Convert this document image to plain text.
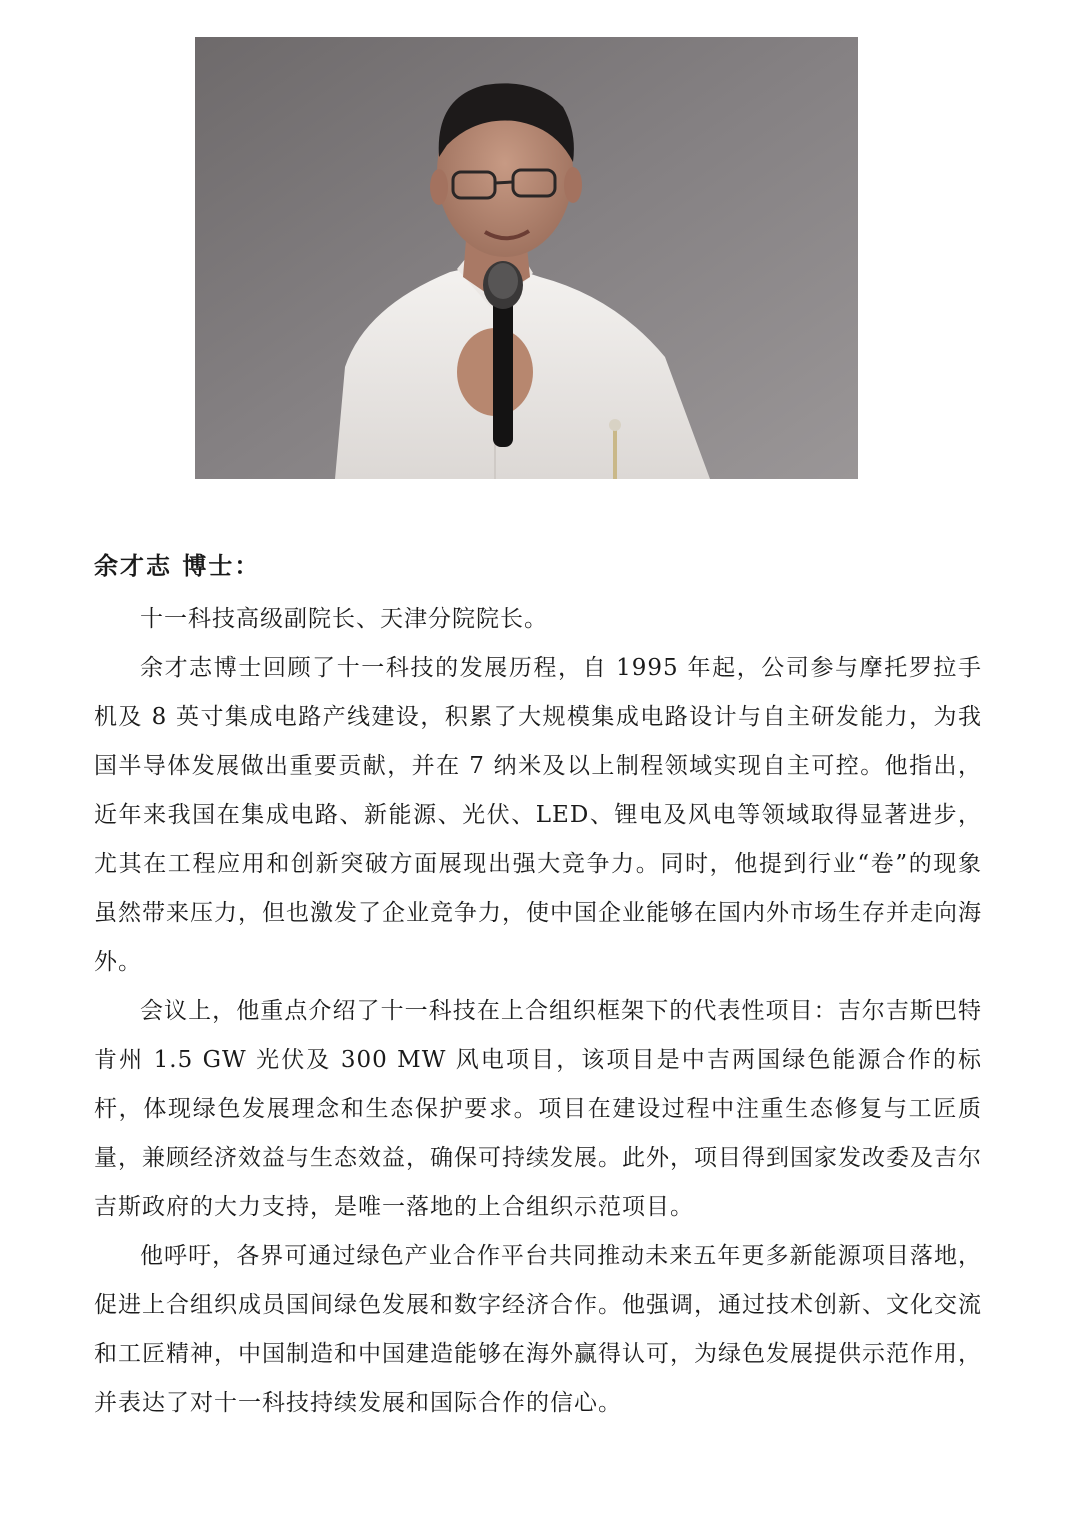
余才志 博士：

十一科技高级副院长、天津分院院长。

余才志博士回顾了十一科技的发展历程，自 1995 年起，公司参与摩托罗拉手机及 8 英寸集成电路产线建设，积累了大规模集成电路设计与自主研发能力，为我国半导体发展做出重要贡献，并在 7 纳米及以上制程领域实现自主可控。他指出，近年来我国在集成电路、新能源、光伏、LED、锂电及风电等领域取得显著进步，尤其在工程应用和创新突破方面展现出强大竞争力。同时，他提到行业“卷”的现象虽然带来压力，但也激发了企业竞争力，使中国企业能够在国内外市场生存并走向海外。

会议上，他重点介绍了十一科技在上合组织框架下的代表性项目：吉尔吉斯巴特肯州 1.5 GW 光伏及 300 MW 风电项目，该项目是中吉两国绿色能源合作的标杆，体现绿色发展理念和生态保护要求。项目在建设过程中注重生态修复与工匠质量，兼顾经济效益与生态效益，确保可持续发展。此外，项目得到国家发改委及吉尔吉斯政府的大力支持，是唯一落地的上合组织示范项目。

他呼吁，各界可通过绿色产业合作平台共同推动未来五年更多新能源项目落地，促进上合组织成员国间绿色发展和数字经济合作。他强调，通过技术创新、文化交流和工匠精神，中国制造和中国建造能够在海外赢得认可，为绿色发展提供示范作用，并表达了对十一科技持续发展和国际合作的信心。
